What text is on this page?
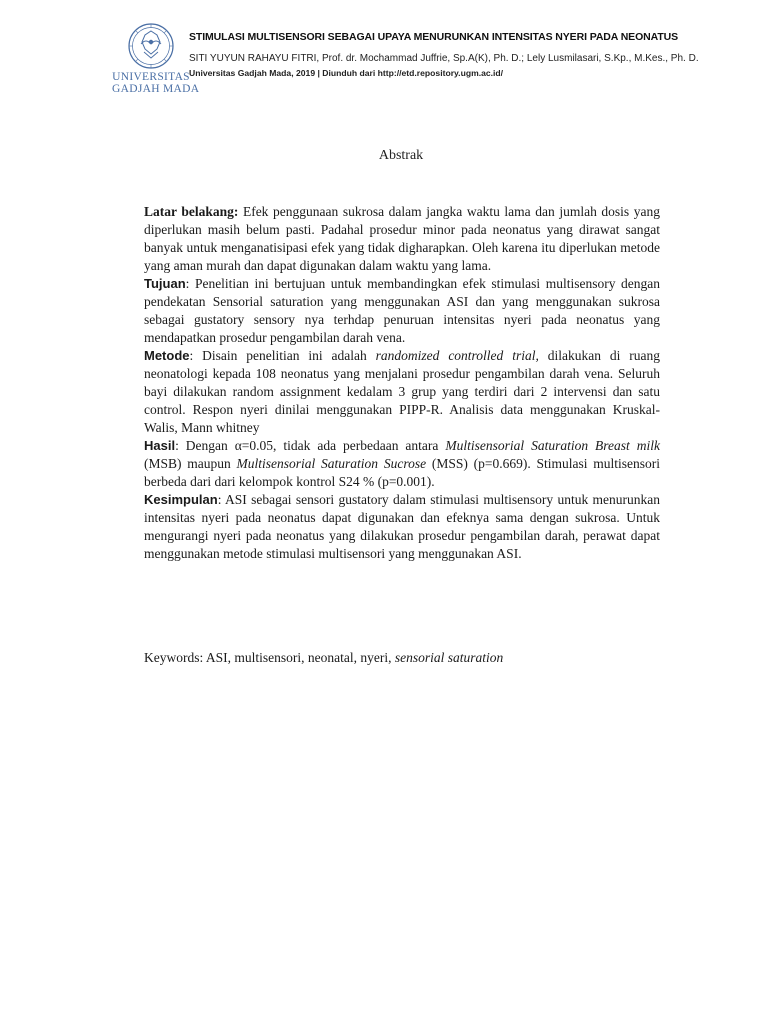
UNIVERSITAS
GADJAH MADA
STIMULASI MULTISENSORI SEBAGAI UPAYA MENURUNKAN INTENSITAS NYERI PADA NEONATUS
SITI YUYUN RAHAYU FITRI, Prof. dr. Mochammad Juffrie, Sp.A(K), Ph. D.; Lely Lusmilasari, S.Kp., M.Kes., Ph. D.
Universitas Gadjah Mada, 2019 | Diunduh dari http://etd.repository.ugm.ac.id/
Abstrak

Latar belakang: Efek penggunaan sukrosa dalam jangka waktu lama dan jumlah dosis yang diperlukan masih belum pasti. Padahal prosedur minor pada neonatus yang dirawat sangat banyak untuk menganatisipasi efek yang tidak digharapkan. Oleh karena itu diperlukan metode yang aman murah dan dapat digunakan dalam waktu yang lama.

Tujuan: Penelitian ini bertujuan untuk membandingkan efek stimulasi multisensory dengan pendekatan Sensorial saturation yang menggunakan ASI dan yang menggunakan sukrosa sebagai gustatory sensory nya terhdap penuruan intensitas nyeri pada neonatus yang mendapatkan prosedur pengambilan darah vena.

Metode: Disain penelitian ini adalah randomized controlled trial, dilakukan di ruang neonatologi kepada 108 neonatus yang menjalani prosedur pengambilan darah vena. Seluruh bayi dilakukan random assignment kedalam 3 grup yang terdiri dari 2 intervensi dan satu control. Respon nyeri dinilai menggunakan PIPP-R. Analisis data menggunakan Kruskal-Walis, Mann whitney

Hasil: Dengan α=0.05, tidak ada perbedaan antara Multisensorial Saturation Breast milk (MSB) maupun Multisensorial Saturation Sucrose (MSS) (p=0.669). Stimulasi multisensori berbeda dari dari kelompok kontrol S24 % (p=0.001).

Kesimpulan: ASI sebagai sensori gustatory dalam stimulasi multisensory untuk menurunkan intensitas nyeri pada neonatus dapat digunakan dan efeknya sama dengan sukrosa. Untuk mengurangi nyeri pada neonatus yang dilakukan prosedur pengambilan darah, perawat dapat menggunakan metode stimulasi multisensori yang menggunakan ASI.

Keywords: ASI, multisensori, neonatal, nyeri, sensorial saturation
